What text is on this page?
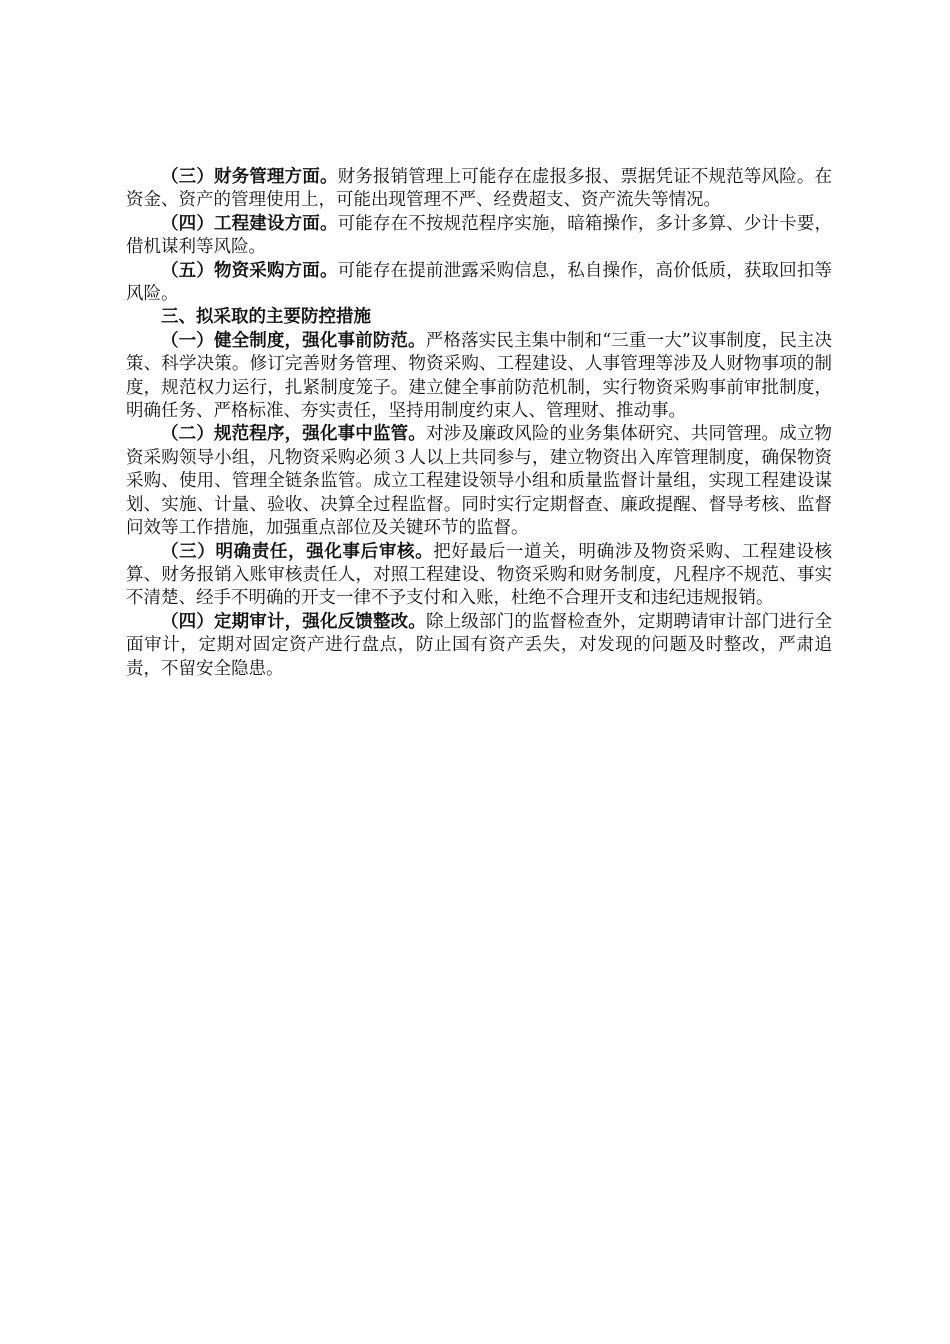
（三）财务管理方面。财务报销管理上可能存在虚报多报、票据凭证不规范等风险。在资金、资产的管理使用上，可能出现管理不严、经费超支、资产流失等情况。

（四）工程建设方面。可能存在不按规范程序实施，暗箱操作，多计多算、少计卡要，借机谋利等风险。

（五）物资采购方面。可能存在提前泄露采购信息，私自操作，高价低质，获取回扣等风险。

三、拟采取的主要防控措施

（一）健全制度，强化事前防范。严格落实民主集中制和“三重一大”议事制度，民主决策、科学决策。修订完善财务管理、物资采购、工程建设、人事管理等涉及人财物事项的制度，规范权力运行，扎紧制度笼子。建立健全事前防范机制，实行物资采购事前审批制度，明确任务、严格标准、夯实责任，坚持用制度约束人、管理财、推动事。

（二）规范程序，强化事中监管。对涉及廉政风险的业务集体研究、共同管理。成立物资采购领导小组，凡物资采购必须３人以上共同参与，建立物资出入库管理制度，确保物资采购、使用、管理全链条监管。成立工程建设领导小组和质量监督计量组，实现工程建设谋划、实施、计量、验收、决算全过程监督。同时实行定期督查、廉政提醒、督导考核、监督问效等工作措施，加强重点部位及关键环节的监督。

（三）明确责任，强化事后审核。把好最后一道关，明确涉及物资采购、工程建设核算、财务报销入账审核责任人，对照工程建设、物资采购和财务制度，凡程序不规范、事实不清楚、经手不明确的开支一律不予支付和入账，杜绝不合理开支和违纪违规报销。

（四）定期审计，强化反馈整改。除上级部门的监督检查外，定期聘请审计部门进行全面审计，定期对固定资产进行盘点，防止国有资产丢失，对发现的问题及时整改，严肃追责，不留安全隐患。
